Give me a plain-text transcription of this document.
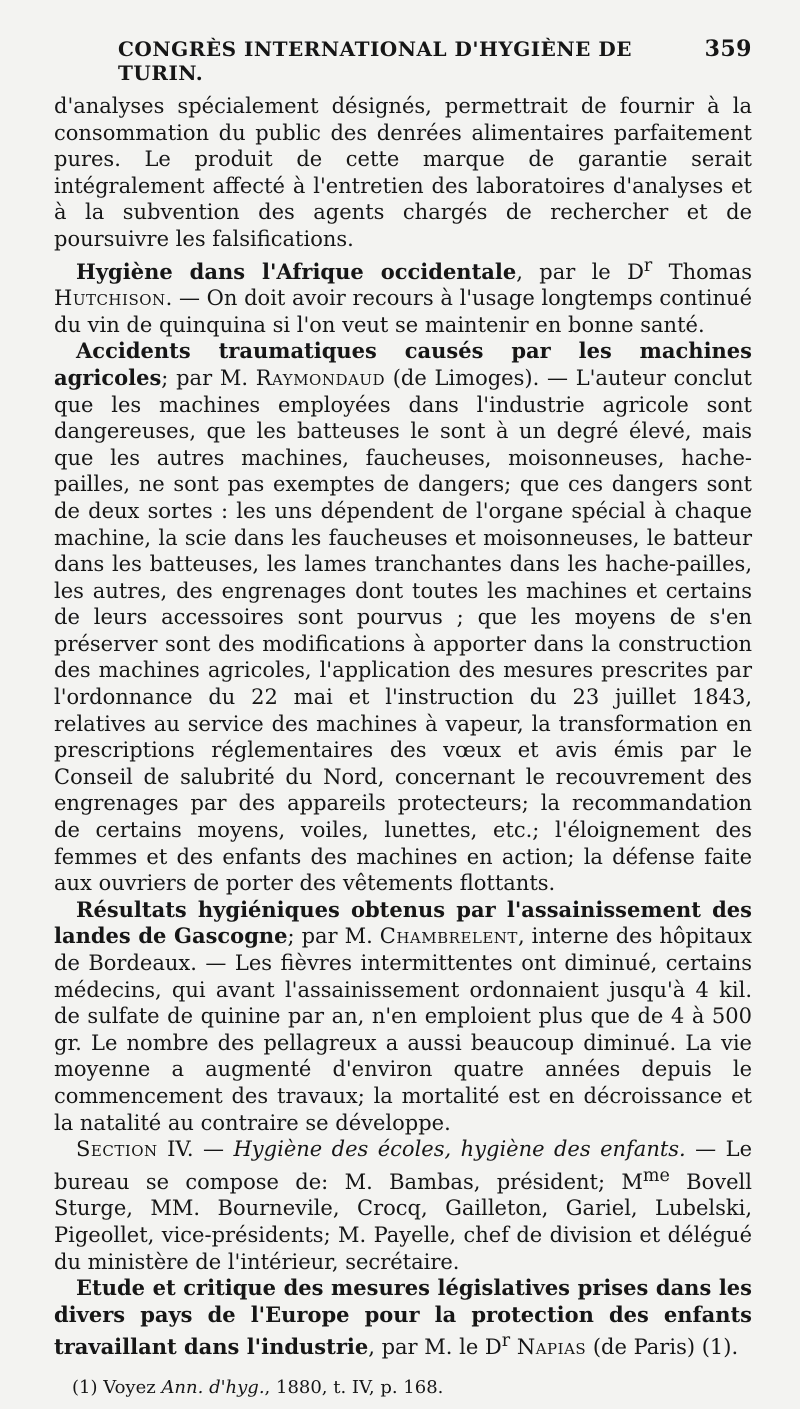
CONGRÈS INTERNATIONAL D'HYGIÈNE DE TURIN.
359

d'analyses spécialement désignés, permettrait de fournir à la consommation du public des denrées alimentaires parfaitement pures. Le produit de cette marque de garantie serait intégralement affecté à l'entretien des laboratoires d'analyses et à la subvention des agents chargés de rechercher et de poursuivre les falsifications.

Hygiène dans l'Afrique occidentale, par le $D^r$ Thomas Hutchison. — On doit avoir recours à l'usage longtemps continué du vin de quinquina si l'on veut se maintenir en bonne santé.

Accidents traumatiques causés par les machines agricoles; par M. Raymondaud (de Limoges). — L'auteur conclut que les machines employées dans l'industrie agricole sont dangereuses, que les batteuses le sont à un degré élevé, mais que les autres machines, faucheuses, moisonneuses, hache-pailles, ne sont pas exemptes de dangers; que ces dangers sont de deux sortes : les uns dépendent de l'organe spécial à chaque machine, la scie dans les faucheuses et moisonneuses, le batteur dans les batteuses, les lames tranchantes dans les hache-pailles, les autres, des engrenages dont toutes les machines et certains de leurs accessoires sont pourvus ; que les moyens de s'en préserver sont des modifications à apporter dans la construction des machines agricoles, l'application des mesures prescrites par l'ordonnance du 22 mai et l'instruction du 23 juillet 1843, relatives au service des machines à vapeur, la transformation en prescriptions réglementaires des vœux et avis émis par le Conseil de salubrité du Nord, concernant le recouvrement des engrenages par des appareils protecteurs; la recommandation de certains moyens, voiles, lunettes, etc.; l'éloignement des femmes et des enfants des machines en action; la défense faite aux ouvriers de porter des vêtements flottants.

Résultats hygiéniques obtenus par l'assainissement des landes de Gascogne; par M. Chambrelent, interne des hôpitaux de Bordeaux. — Les fièvres intermittentes ont diminué, certains médecins, qui avant l'assainissement ordonnaient jusqu'à 4 kil. de sulfate de quinine par an, n'en emploient plus que de 4 à 500 gr. Le nombre des pellagreux a aussi beaucoup diminué. La vie moyenne a augmenté d'environ quatre années depuis le commencement des travaux; la mortalité est en décroissance et la natalité au contraire se développe.

Section IV. — Hygiène des écoles, hygiène des enfants. — Le bureau se compose de: M. Bambas, président; $M^{me}$ Bovell Sturge, MM. Bournevile, Crocq, Gailleton, Gariel, Lubelski, Pigeollet, vice-présidents; M. Payelle, chef de division et délégué du ministère de l'intérieur, secrétaire.

Etude et critique des mesures législatives prises dans les divers pays de l'Europe pour la protection des enfants travaillant dans l'industrie, par M. le $D^r$ Napias (de Paris) (1).

(1) Voyez Ann. d'hyg., 1880, t. IV, p. 168.
